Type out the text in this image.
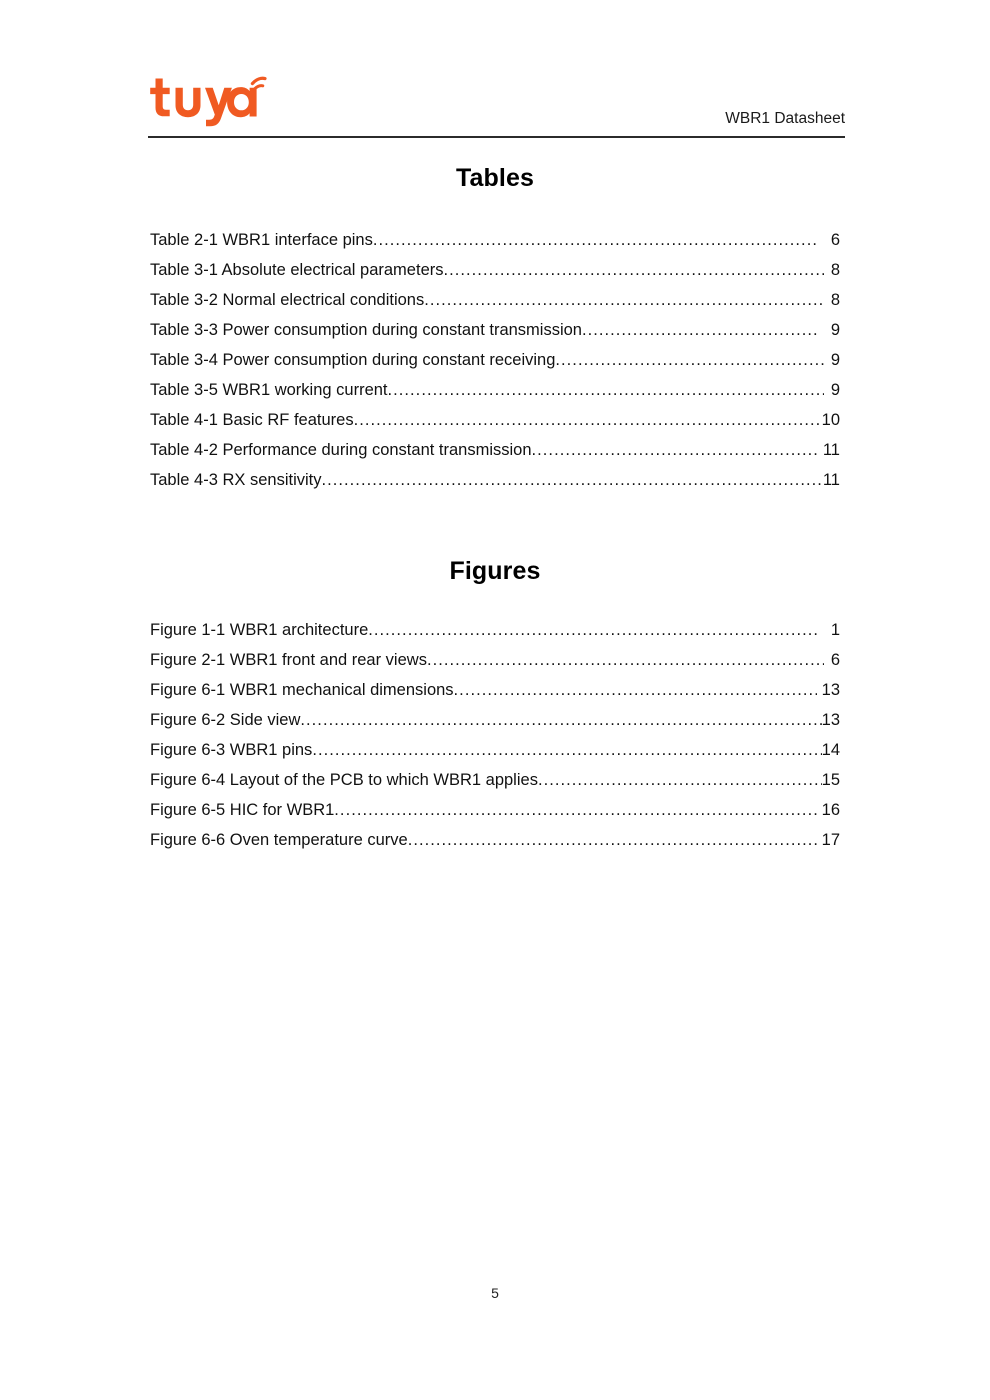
WBR1 Datasheet
Tables
Table 2-1 WBR1 interface pins .....	6
Table 3-1 Absolute electrical parameters .....	8
Table 3-2 Normal electrical conditions .....	8
Table 3-3 Power consumption during constant transmission .....	9
Table 3-4 Power consumption during constant receiving .....	9
Table 3-5 WBR1 working current .....	9
Table 4-1 Basic RF features .....	10
Table 4-2 Performance during constant transmission .....	11
Table 4-3 RX sensitivity .....	11
Figures
Figure 1-1 WBR1 architecture .....	1
Figure 2-1 WBR1 front and rear views .....	6
Figure 6-1 WBR1 mechanical dimensions .....	13
Figure 6-2 Side view .....	13
Figure 6-3 WBR1 pins .....	14
Figure 6-4 Layout of the PCB to which WBR1 applies .....	15
Figure 6-5 HIC for WBR1 .....	16
Figure 6-6 Oven temperature curve .....	17
5
